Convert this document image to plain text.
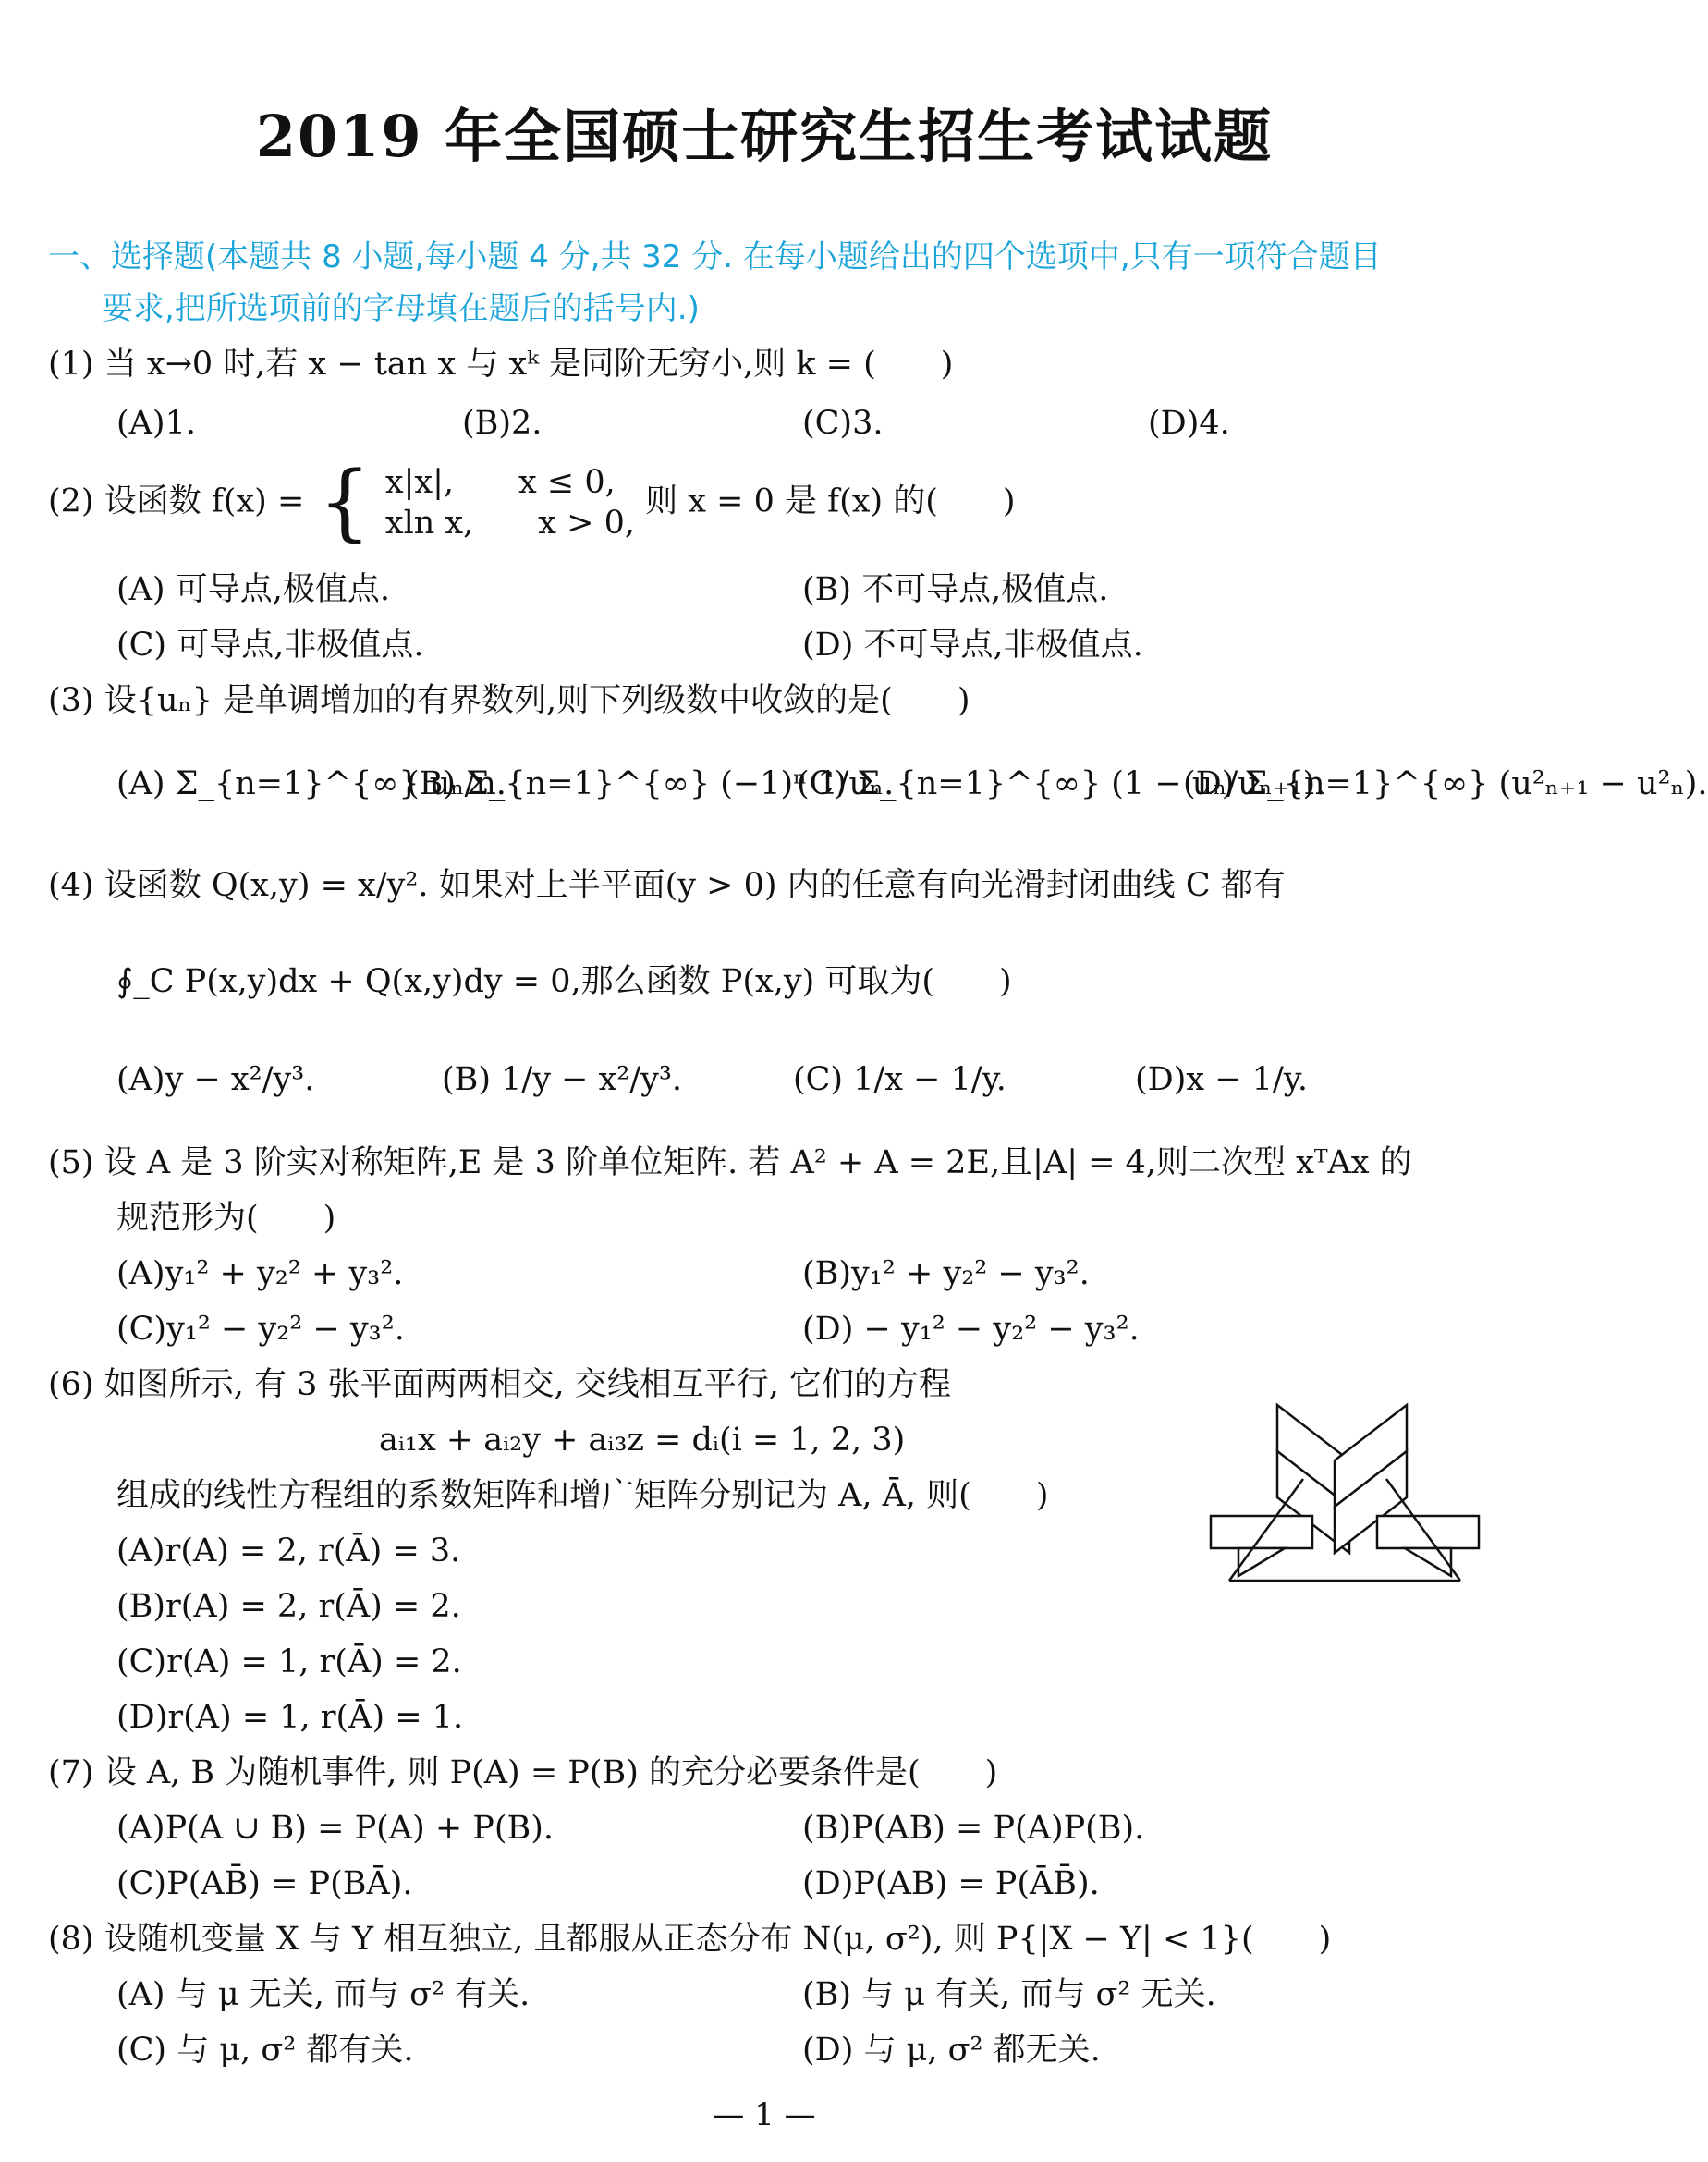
2019 年全国硕士研究生招生考试试题
一、选择题(本题共 8 小题,每小题 4 分,共 32 分. 在每小题给出的四个选项中,只有一项符合题目
要求,把所选项前的字母填在题后的括号内.)
(1) 当 x→0 时,若 x − tan x 与 xᵏ 是同阶无穷小,则 k = (　　)
(A)1.	(B)2.	(C)3.	(D)4.
(2) 设函数 f(x) = { x|x|,　　x ≤ 0,
xln x,　　x > 0,
则 x = 0 是 f(x) 的(　　)
(A) 可导点,极值点.	(B) 不可导点,极值点.
(C) 可导点,非极值点.	(D) 不可导点,非极值点.
(3) 设{uₙ} 是单调增加的有界数列,则下列级数中收敛的是(　　)
(A) Σ_{n=1}^{∞} uₙ/n.
(B) Σ_{n=1}^{∞} (−1)ⁿ 1/uₙ.
(C) Σ_{n=1}^{∞} (1 − uₙ/uₙ₊₁).
(D) Σ_{n=1}^{∞} (u²ₙ₊₁ − u²ₙ).
(4) 设函数 Q(x,y) = x/y². 如果对上半平面(y > 0) 内的任意有向光滑封闭曲线 C 都有
∮_C P(x,y)dx + Q(x,y)dy = 0,那么函数 P(x,y) 可取为(　　)
(A)y − x²/y³.	(B) 1/y − x²/y³.	(C) 1/x − 1/y.	(D)x − 1/y.
(5) 设 A 是 3 阶实对称矩阵,E 是 3 阶单位矩阵. 若 A² + A = 2E,且|A| = 4,则二次型 xᵀAx 的
规范形为(　　)
(A)y₁² + y₂² + y₃².	(B)y₁² + y₂² − y₃².
(C)y₁² − y₂² − y₃².	(D) − y₁² − y₂² − y₃².
(6) 如图所示, 有 3 张平面两两相交, 交线相互平行, 它们的方程
aᵢ₁x + aᵢ₂y + aᵢ₃z = dᵢ(i = 1, 2, 3)
组成的线性方程组的系数矩阵和增广矩阵分别记为 A, Ā, 则(　　)
(A)r(A) = 2, r(Ā) = 3.
(B)r(A) = 2, r(Ā) = 2.
(C)r(A) = 1, r(Ā) = 2.
(D)r(A) = 1, r(Ā) = 1.
(7) 设 A, B 为随机事件, 则 P(A) = P(B) 的充分必要条件是(　　)
(A)P(A ∪ B) = P(A) + P(B).	(B)P(AB) = P(A)P(B).
(C)P(AB̄) = P(BĀ).	(D)P(AB) = P(ĀB̄).
(8) 设随机变量 X 与 Y 相互独立, 且都服从正态分布 N(μ, σ²), 则 P{|X − Y| < 1}(　　)
(A) 与 μ 无关, 而与 σ² 有关.	(B) 与 μ 有关, 而与 σ² 无关.
(C) 与 μ, σ² 都有关.	(D) 与 μ, σ² 都无关.
— 1 —
